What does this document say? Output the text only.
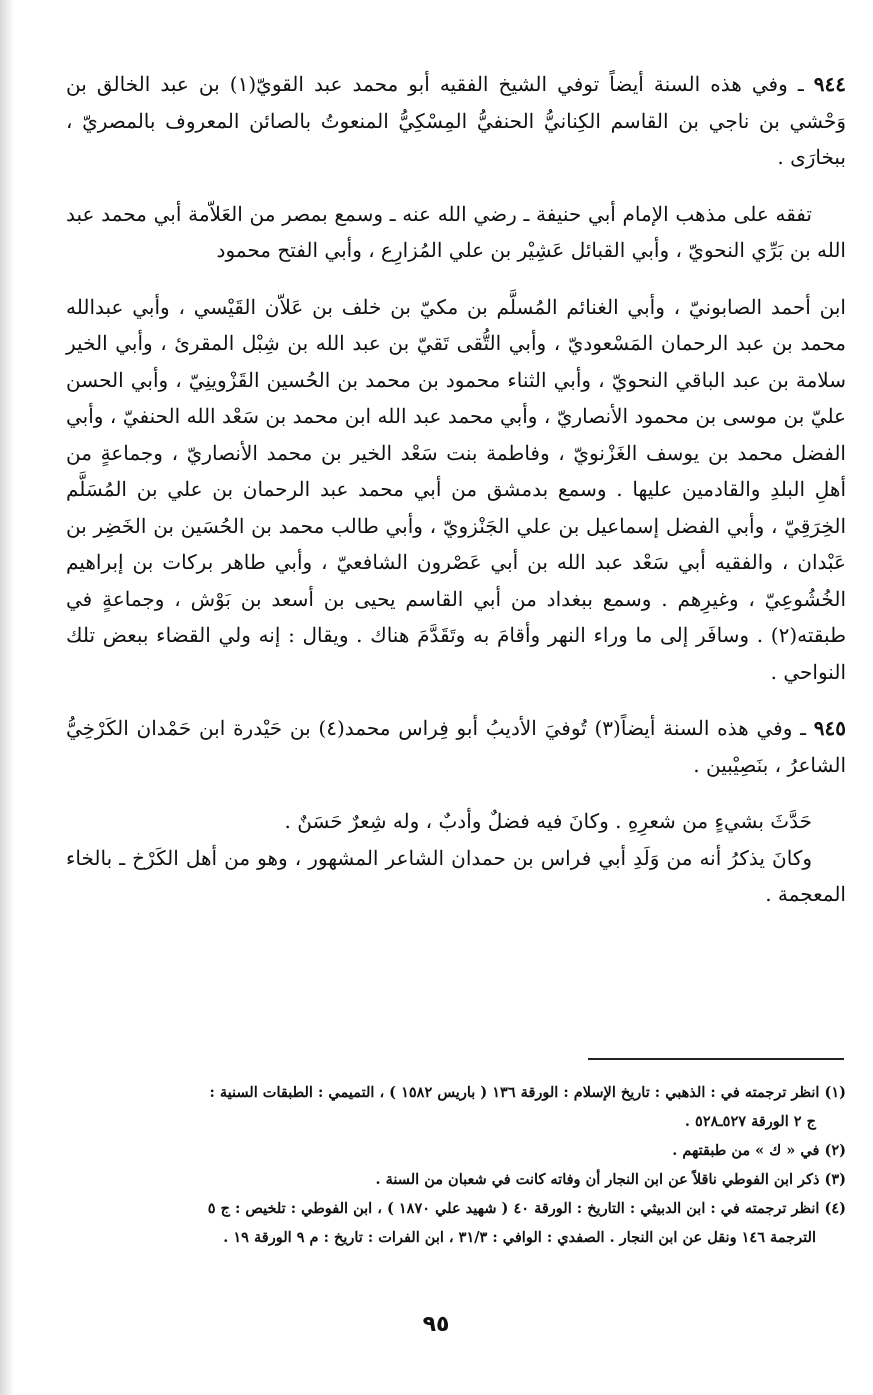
٩٤٤ ـ وفي هذه السنة أيضاً توفي الشيخ الفقيه أبو محمد عبد القويّ(١) بن عبد الخالق بن وَحْشي بن ناجي بن القاسم الكِنانيُّ الحنفيُّ المِسْكِيُّ المنعوتُ بالصائن المعروف بالمصريّ ، ببخارَى .

تفقه على مذهب الإمام أبي حنيفة ـ رضي الله عنه ـ وسمع بمصر من العَلاّمة أبي محمد عبد الله بن بَرِّي النحويّ ، وأبي القبائل عَشِيْر بن علي المُزارِع ، وأبي الفتح محمود

ابن أحمد الصابونيّ ، وأبي الغنائم المُسلَّم بن مكيّ بن خلف بن عَلاّن القَيْسي ، وأبي عبدالله محمد بن عبد الرحمان المَسْعوديّ ، وأبي التُّقى تَقيّ بن عبد الله بن شِبْل المقرئ ، وأبي الخير سلامة بن عبد الباقي النحويّ ، وأبي الثناء محمود بن محمد بن الحُسين القَزْوينِيّ ، وأبي الحسن عليّ بن موسى بن محمود الأنصاريّ ، وأبي محمد عبد الله ابن محمد بن سَعْد الله الحنفيّ ، وأبي الفضل محمد بن يوسف الغَزْنويّ ، وفاطمة بنت سَعْد الخير بن محمد الأنصاريّ ، وجماعةٍ من أهلِ البلدِ والقادمين عليها . وسمع بدمشق من أبي محمد عبد الرحمان بن علي بن المُسَلَّم الخِرَقِيّ ، وأبي الفضل إسماعيل بن علي الجَنْزويّ ، وأبي طالب محمد بن الحُسَين بن الخَضِر بن عَبْدان ، والفقيه أبي سَعْد عبد الله بن أبي عَصْرون الشافعيّ ، وأبي طاهر بركات بن إبراهيم الخُشُوعِيّ ، وغيرِهم . وسمع ببغداد من أبي القاسم يحيى بن أسعد بن بَوْش ، وجماعةٍ في طبقته(٢) . وسافَر إلى ما وراء النهر وأقامَ به وتَقَدَّمَ هناك . ويقال : إنه ولي القضاء ببعض تلك النواحي .

٩٤٥ ـ وفي هذه السنة أيضاً(٣) تُوفيَ الأديبُ أبو فِراس محمد(٤) بن حَيْدرة ابن حَمْدان الكَرْخِيُّ الشاعرُ ، بنَصِيْبين .

حَدَّثَ بشيءٍ من شعرِهِ . وكانَ فيه فضلٌ وأدبٌ ، وله شِعرٌ حَسَنٌ .

وكانَ يذكرُ أنه من وَلَدِ أبي فراس بن حمدان الشاعر المشهور ، وهو من أهل الكَرْخ ـ بالخاء المعجمة .

(١) انظر ترجمته في : الذهبي : تاريخ الإسلام : الورقة ١٣٦ ( باريس ١٥٨٢ ) ، التميمي : الطبقات السنية :

ج ٢ الورقة ٥٢٧ـ٥٢٨ .

(٢) في « ك » من طبقتهم .

(٣) ذكر ابن الفوطي ناقلاً عن ابن النجار أن وفاته كانت في شعبان من السنة .

(٤) انظر ترجمته في : ابن الدبيثي : التاريخ : الورقة ٤٠ ( شهيد علي ١٨٧٠ ) ، ابن الفوطي : تلخيص : ج ٥

الترجمة ١٤٦ ونقل عن ابن النجار . الصفدي : الوافي : ٣١/٣ ، ابن الفرات : تاريخ : م ٩ الورقة ١٩ .

٩٥
